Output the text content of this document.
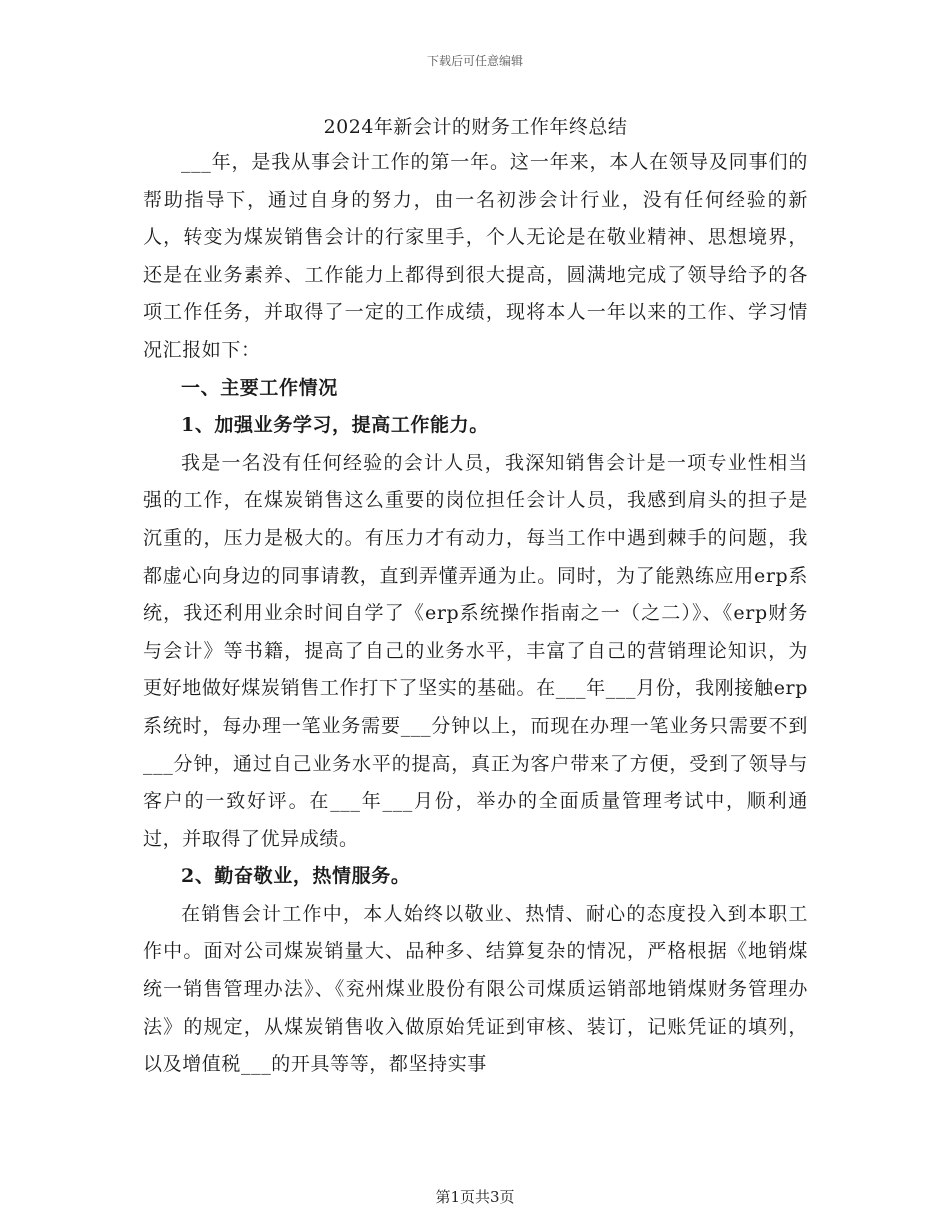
下载后可任意编辑
2024年新会计的财务工作年终总结

___年，是我从事会计工作的第一年。这一年来，本人在领导及同事们的帮助指导下，通过自身的努力，由一名初涉会计行业，没有任何经验的新人，转变为煤炭销售会计的行家里手，个人无论是在敬业精神、思想境界，还是在业务素养、工作能力上都得到很大提高，圆满地完成了领导给予的各项工作任务，并取得了一定的工作成绩，现将本人一年以来的工作、学习情况汇报如下：

一、主要工作情况

1、加强业务学习，提高工作能力。

我是一名没有任何经验的会计人员，我深知销售会计是一项专业性相当强的工作，在煤炭销售这么重要的岗位担任会计人员，我感到肩头的担子是沉重的，压力是极大的。有压力才有动力，每当工作中遇到棘手的问题，我都虚心向身边的同事请教，直到弄懂弄通为止。同时，为了能熟练应用erp系统，我还利用业余时间自学了《erp系统操作指南之一（之二）》、《erp财务与会计》等书籍，提高了自己的业务水平，丰富了自己的营销理论知识，为更好地做好煤炭销售工作打下了坚实的基础。在___年___月份，我刚接触erp系统时，每办理一笔业务需要___分钟以上，而现在办理一笔业务只需要不到___分钟，通过自己业务水平的提高，真正为客户带来了方便，受到了领导与客户的一致好评。在___年___月份，举办的全面质量管理考试中，顺利通过，并取得了优异成绩。

2、勤奋敬业，热情服务。

在销售会计工作中，本人始终以敬业、热情、耐心的态度投入到本职工作中。面对公司煤炭销量大、品种多、结算复杂的情况，严格根据《地销煤统一销售管理办法》、《兖州煤业股份有限公司煤质运销部地销煤财务管理办法》的规定，从煤炭销售收入做原始凭证到审核、装订，记账凭证的填列，以及增值税___的开具等等，都坚持实事

第1页共3页
